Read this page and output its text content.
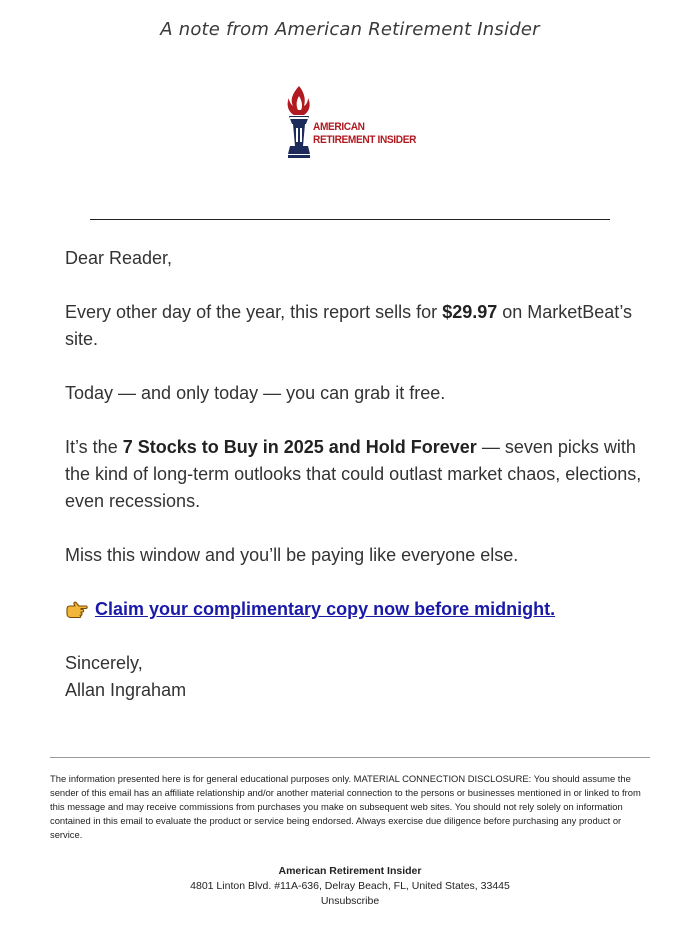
A note from American Retirement Insider
AMERICAN
RETIREMENT INSIDER

Dear Reader,

Every other day of the year, this report sells for $29.97 on MarketBeat’s site.

Today — and only today — you can grab it free.

It’s the 7 Stocks to Buy in 2025 and Hold Forever — seven picks with the kind of long-term outlooks that could outlast market chaos, elections, even recessions.

Miss this window and you’ll be paying like everyone else.

Claim your complimentary copy now before midnight.
Sincerely,
Allan Ingraham
The information presented here is for general educational purposes only. MATERIAL CONNECTION DISCLOSURE: You should assume the sender of this email has an affiliate relationship and/or another material connection to the persons or businesses mentioned in or linked to from this message and may receive commissions from purchases you make on subsequent web sites. You should not rely solely on information contained in this email to evaluate the product or service being endorsed. Always exercise due diligence before purchasing any product or service.
American Retirement Insider
4801 Linton Blvd. #11A-636, Delray Beach, FL, United States, 33445
Unsubscribe
